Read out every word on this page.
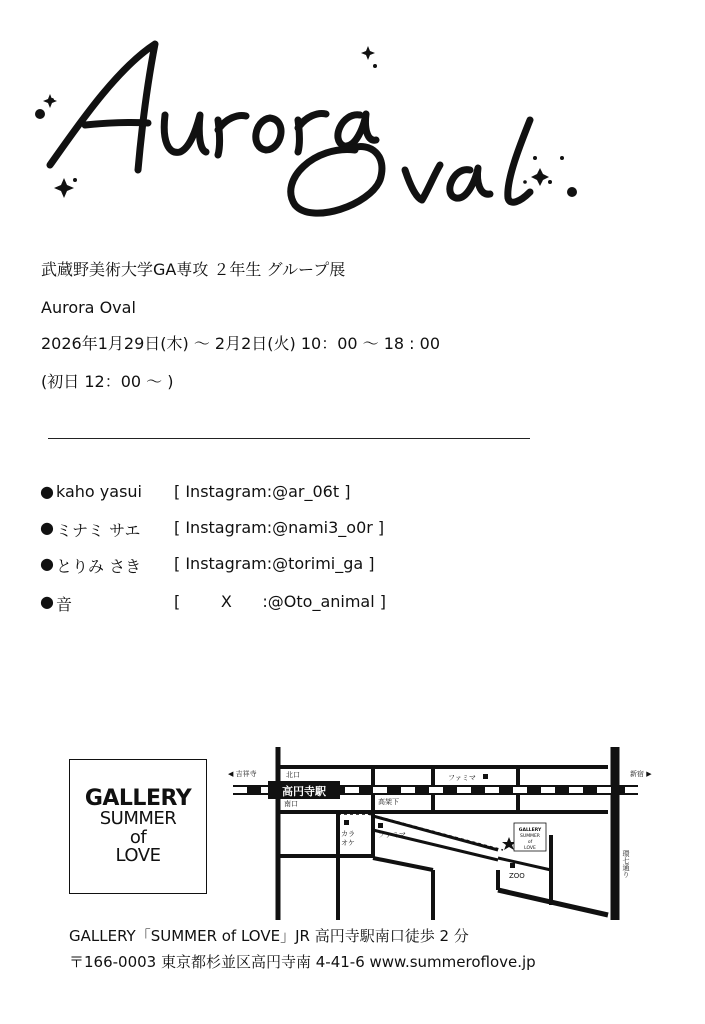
武蔵野美術大学GA専攻 ２年生 グループ展
Aurora Oval
2026年1月29日(木) 〜 2月2日(火) 10：00 〜 18 : 00
(初日 12：00 〜 )
● kaho yasui [ Instagram:@ar_06t ]
● ミナミ サエ [ Instagram:@nami3_o0r ]
● とりみ さき [ Instagram:@torimi_ga ]
● 音	[        X      :@Oto_animal ]
GALLERY
SUMMER
of
LOVE
高円寺駅
北口
南口
◀ 吉祥寺	新宿 ▶
ファミマ
ファミマ
高架下
カラ
オケ
ZOO
GALLERY
SUMMER
of
LOVE
環七通り
GALLERY「SUMMER of LOVE」JR 高円寺駅南口徒歩 2 分
〒166-0003 東京都杉並区高円寺南 4-41-6 www.summeroflove.jp
